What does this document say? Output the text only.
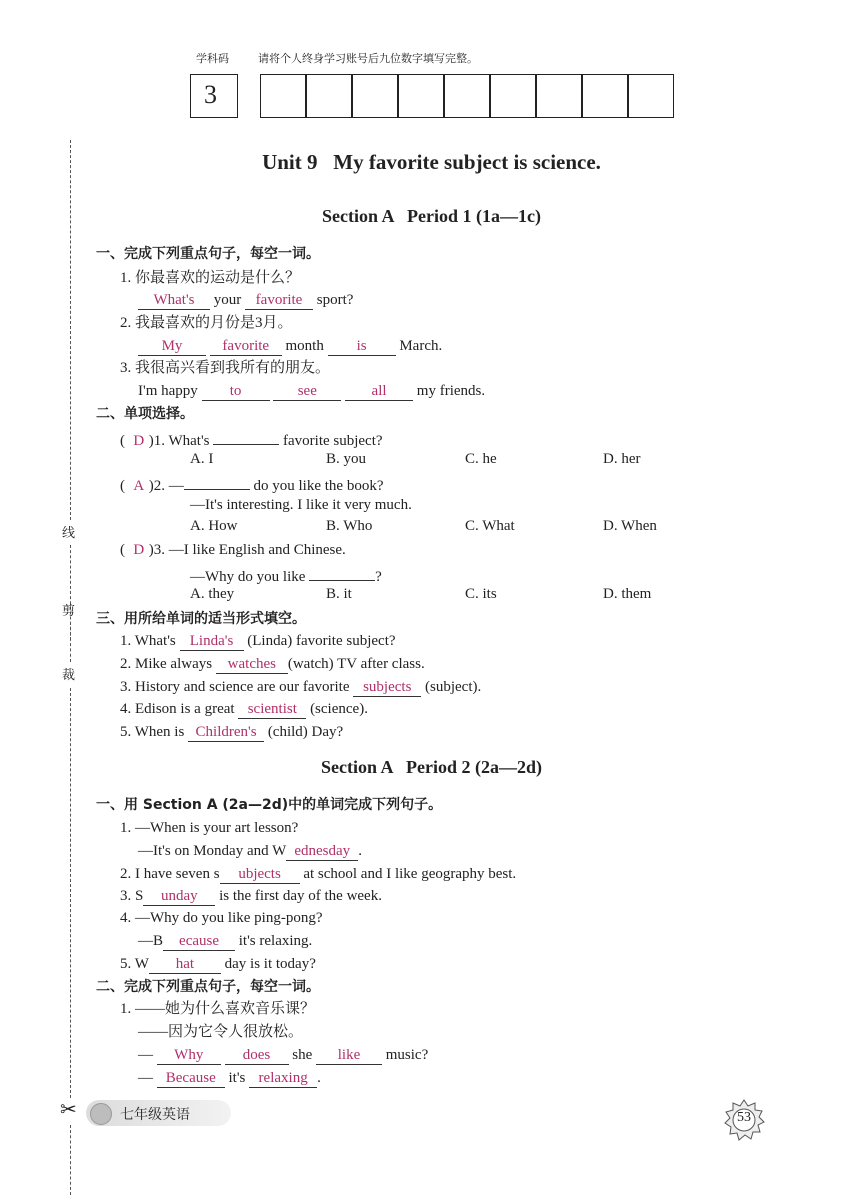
线
剪
裁
✂
学科码	请将个人终身学习账号后九位数字填写完整。
3
Unit 9   My favorite subject is science.
Section A   Period 1 (1a—1c)
一、完成下列重点句子，每空一词。
1. 你最喜欢的运动是什么？
What's your favorite sport?
2. 我最喜欢的月份是3月。
My	favorite month is March.
3. 我很高兴看到我所有的朋友。
I'm happy to	see	all my friends.
二、单项选择。
( D )1. What's	favorite subject?
A. I	B. you	C. he	D. her
( A )2. —	do you like the book?
—It's interesting. I like it very much.
A. How	B. Who	C. What	D. When
( D )3. —I like English and Chinese.
—Why do you like	?
A. they	B. it	C. its	D. them
三、用所给单词的适当形式填空。
1. What's Linda's (Linda) favorite subject?
2. Mike always watches (watch) TV after class.
3. History and science are our favorite subjects (subject).
4. Edison is a great scientist (science).
5. When is Children's (child) Day?
Section A   Period 2 (2a—2d)
一、用 Section A (2a—2d)中的单词完成下列句子。
1. —When is your art lesson?
—It's on Monday and W ednesday .
2. I have seven s ubjects at school and I like geography best.
3. S unday is the first day of the week.
4. —Why do you like ping-pong?
—B ecause it's relaxing.
5. W hat day is it today?
二、完成下列重点句子，每空一词。
1. ——她为什么喜欢音乐课？
——因为它令人很放松。
— Why	does she like music?
— Because it's relaxing .
七年级英语	53
